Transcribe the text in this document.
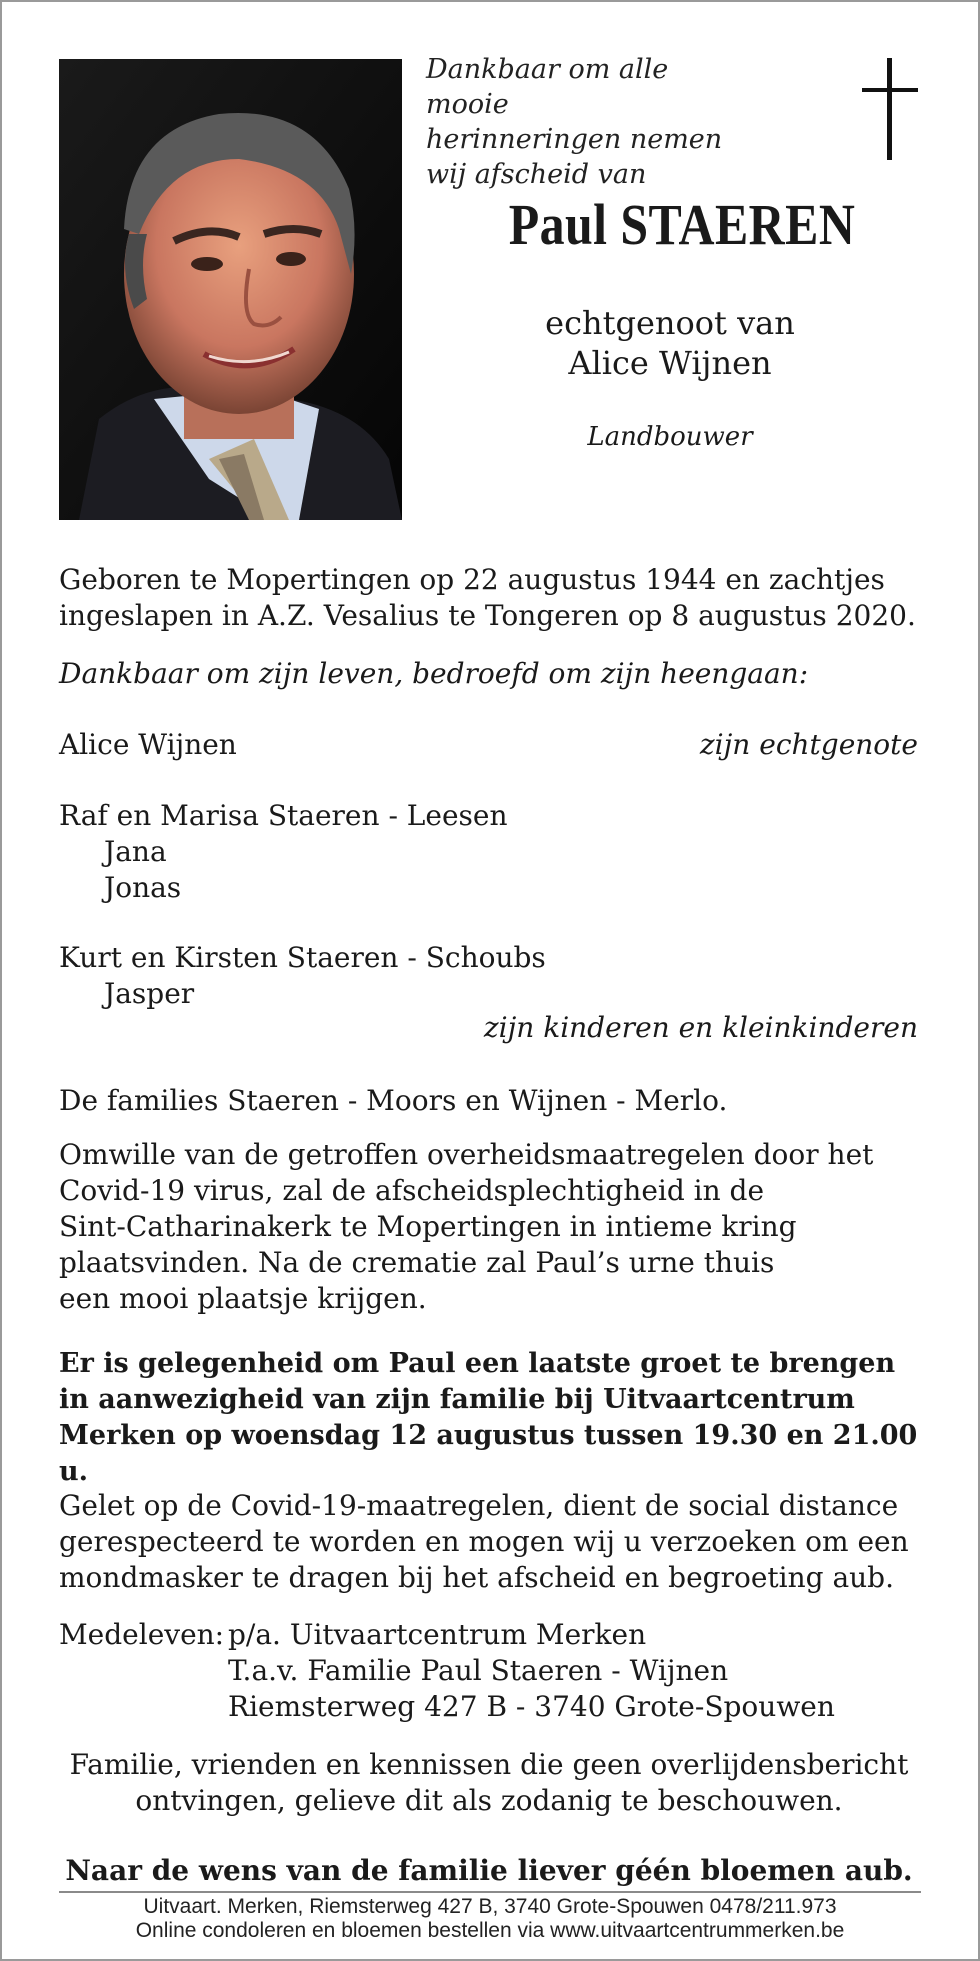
Dankbaar om alle mooie
herinneringen nemen
wij afscheid van
Paul STAEREN
echtgenoot van
Alice Wijnen
Landbouwer
Geboren te Mopertingen op 22 augustus 1944 en zachtjes
ingeslapen in A.Z. Vesalius te Tongeren op 8 augustus 2020.
Dankbaar om zijn leven, bedroefd om zijn heengaan:
Alice Wijnen	zijn echtgenote
Raf en Marisa Staeren - Leesen
Jana
Jonas
Kurt en Kirsten Staeren - Schoubs
Jasper
zijn kinderen en kleinkinderen
De families Staeren - Moors en Wijnen - Merlo.
Omwille van de getroffen overheidsmaatregelen door het
Covid-19 virus, zal de afscheidsplechtigheid in de
Sint-Catharinakerk te Mopertingen in intieme kring
plaatsvinden. Na de crematie zal Paul’s urne thuis
een mooi plaatsje krijgen.
Er is gelegenheid om Paul een laatste groet te brengen
in aanwezigheid van zijn familie bij Uitvaartcentrum
Merken op woensdag 12 augustus tussen 19.30 en 21.00 u.
Gelet op de Covid-19-maatregelen, dient de social distance
gerespecteerd te worden en mogen wij u verzoeken om een
mondmasker te dragen bij het afscheid en begroeting aub.
Medeleven: p/a. Uitvaartcentrum Merken
T.a.v. Familie Paul Staeren - Wijnen
Riemsterweg 427 B - 3740 Grote-Spouwen
Familie, vrienden en kennissen die geen overlijdensbericht
ontvingen, gelieve dit als zodanig te beschouwen.
Naar de wens van de familie liever géén bloemen aub.
Uitvaart. Merken, Riemsterweg 427 B, 3740 Grote-Spouwen 0478/211.973
Online condoleren en bloemen bestellen via www.uitvaartcentrummerken.be
